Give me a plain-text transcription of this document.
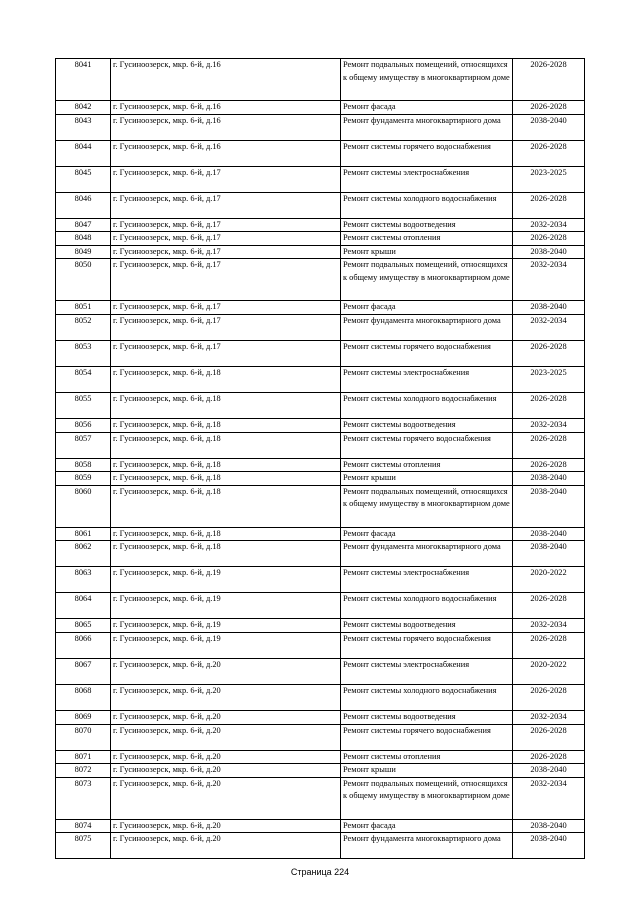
8041	г. Гусиноозерск, мкр. 6-й, д.16	Ремонт подвальных помещений, относящихся к общему имуществу в многоквартирном доме	2026-2028
8042	г. Гусиноозерск, мкр. 6-й, д.16	Ремонт фасада	2026-2028
8043	г. Гусиноозерск, мкр. 6-й, д.16	Ремонт фундамента многоквартирного дома	2038-2040
8044	г. Гусиноозерск, мкр. 6-й, д.16	Ремонт системы горячего водоснабжения	2026-2028
8045	г. Гусиноозерск, мкр. 6-й, д.17	Ремонт системы электроснабжения	2023-2025
8046	г. Гусиноозерск, мкр. 6-й, д.17	Ремонт системы холодного водоснабжения	2026-2028
8047	г. Гусиноозерск, мкр. 6-й, д.17	Ремонт системы водоотведения	2032-2034
8048	г. Гусиноозерск, мкр. 6-й, д.17	Ремонт системы отопления	2026-2028
8049	г. Гусиноозерск, мкр. 6-й, д.17	Ремонт крыши	2038-2040
8050	г. Гусиноозерск, мкр. 6-й, д.17	Ремонт подвальных помещений, относящихся к общему имуществу в многоквартирном доме	2032-2034
8051	г. Гусиноозерск, мкр. 6-й, д.17	Ремонт фасада	2038-2040
8052	г. Гусиноозерск, мкр. 6-й, д.17	Ремонт фундамента многоквартирного дома	2032-2034
8053	г. Гусиноозерск, мкр. 6-й, д.17	Ремонт системы горячего водоснабжения	2026-2028
8054	г. Гусиноозерск, мкр. 6-й, д.18	Ремонт системы электроснабжения	2023-2025
8055	г. Гусиноозерск, мкр. 6-й, д.18	Ремонт системы холодного водоснабжения	2026-2028
8056	г. Гусиноозерск, мкр. 6-й, д.18	Ремонт системы водоотведения	2032-2034
8057	г. Гусиноозерск, мкр. 6-й, д.18	Ремонт системы горячего водоснабжения	2026-2028
8058	г. Гусиноозерск, мкр. 6-й, д.18	Ремонт системы отопления	2026-2028
8059	г. Гусиноозерск, мкр. 6-й, д.18	Ремонт крыши	2038-2040
8060	г. Гусиноозерск, мкр. 6-й, д.18	Ремонт подвальных помещений, относящихся к общему имуществу в многоквартирном доме	2038-2040
8061	г. Гусиноозерск, мкр. 6-й, д.18	Ремонт фасада	2038-2040
8062	г. Гусиноозерск, мкр. 6-й, д.18	Ремонт фундамента многоквартирного дома	2038-2040
8063	г. Гусиноозерск, мкр. 6-й, д.19	Ремонт системы электроснабжения	2020-2022
8064	г. Гусиноозерск, мкр. 6-й, д.19	Ремонт системы холодного водоснабжения	2026-2028
8065	г. Гусиноозерск, мкр. 6-й, д.19	Ремонт системы водоотведения	2032-2034
8066	г. Гусиноозерск, мкр. 6-й, д.19	Ремонт системы горячего водоснабжения	2026-2028
8067	г. Гусиноозерск, мкр. 6-й, д.20	Ремонт системы электроснабжения	2020-2022
8068	г. Гусиноозерск, мкр. 6-й, д.20	Ремонт системы холодного водоснабжения	2026-2028
8069	г. Гусиноозерск, мкр. 6-й, д.20	Ремонт системы водоотведения	2032-2034
8070	г. Гусиноозерск, мкр. 6-й, д.20	Ремонт системы горячего водоснабжения	2026-2028
8071	г. Гусиноозерск, мкр. 6-й, д.20	Ремонт системы отопления	2026-2028
8072	г. Гусиноозерск, мкр. 6-й, д.20	Ремонт крыши	2038-2040
8073	г. Гусиноозерск, мкр. 6-й, д.20	Ремонт подвальных помещений, относящихся к общему имуществу в многоквартирном доме	2032-2034
8074	г. Гусиноозерск, мкр. 6-й, д.20	Ремонт фасада	2038-2040
8075	г. Гусиноозерск, мкр. 6-й, д.20	Ремонт фундамента многоквартирного дома	2038-2040
Страница 224
